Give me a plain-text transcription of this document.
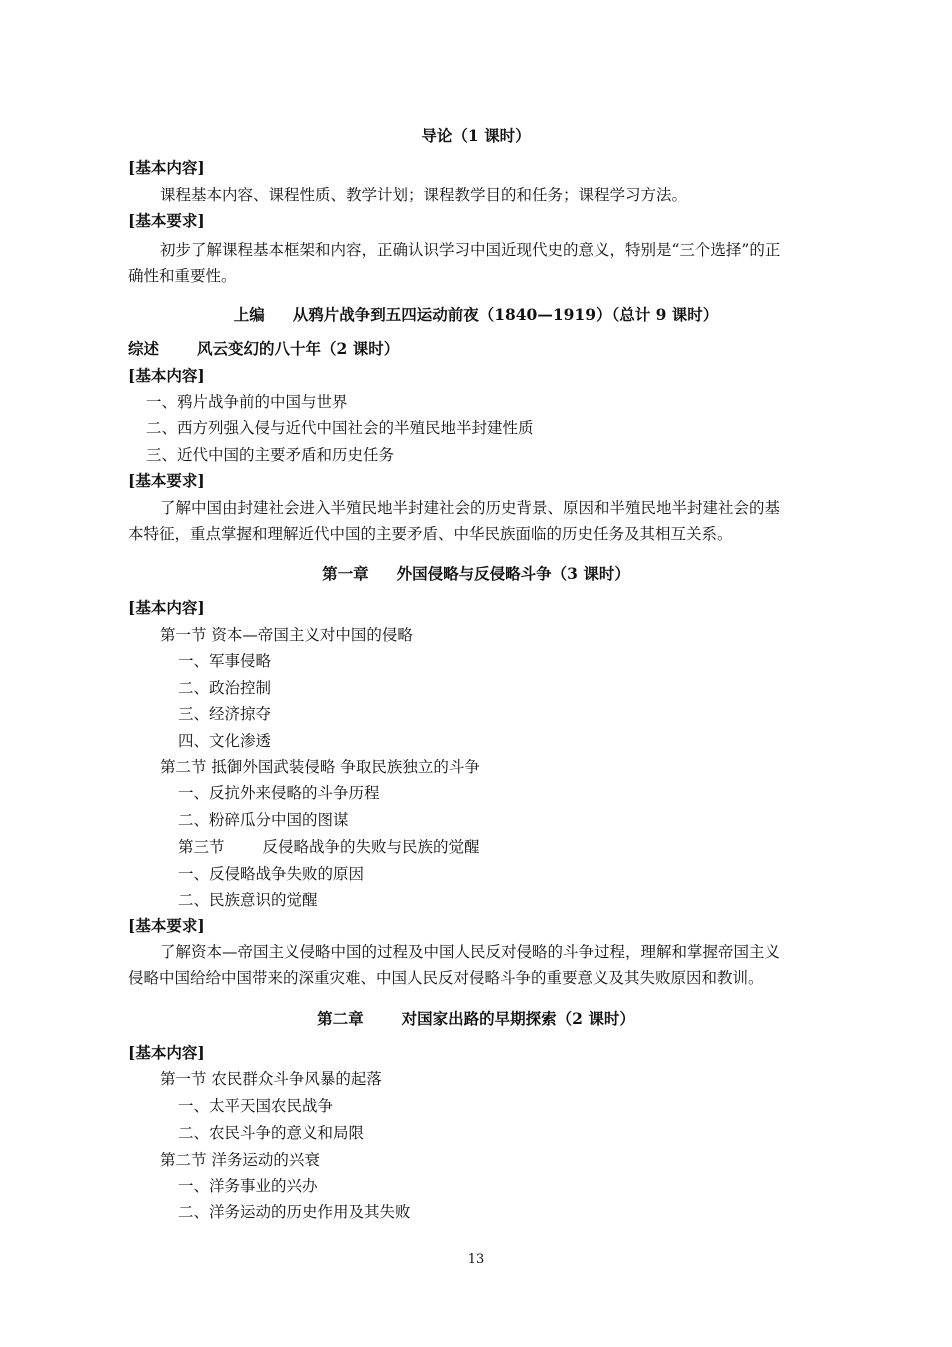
导论（1 课时）
[基本内容]
课程基本内容、课程性质、教学计划；课程教学目的和任务；课程学习方法。
[基本要求]
初步了解课程基本框架和内容，正确认识学习中国近现代史的意义，特别是“三个选择”的正
确性和重要性。
上编 从鸦片战争到五四运动前夜（1840—1919）（总计 9 课时）
综述 风云变幻的八十年（2 课时）
[基本内容]
一、鸦片战争前的中国与世界
二、西方列强入侵与近代中国社会的半殖民地半封建性质
三、近代中国的主要矛盾和历史任务
[基本要求]
了解中国由封建社会进入半殖民地半封建社会的历史背景、原因和半殖民地半封建社会的基
本特征，重点掌握和理解近代中国的主要矛盾、中华民族面临的历史任务及其相互关系。
第一章 外国侵略与反侵略斗争（3 课时）
[基本内容]
第一节 资本—帝国主义对中国的侵略
一、军事侵略
二、政治控制
三、经济掠夺
四、文化渗透
第二节 抵御外国武装侵略 争取民族独立的斗争
一、反抗外来侵略的斗争历程
二、粉碎瓜分中国的图谋
第三节 反侵略战争的失败与民族的觉醒
一、反侵略战争失败的原因
二、民族意识的觉醒
[基本要求]
了解资本—帝国主义侵略中国的过程及中国人民反对侵略的斗争过程，理解和掌握帝国主义
侵略中国给给中国带来的深重灾难、中国人民反对侵略斗争的重要意义及其失败原因和教训。
第二章 对国家出路的早期探索（2 课时）
[基本内容]
第一节 农民群众斗争风暴的起落
一、太平天国农民战争
二、农民斗争的意义和局限
第二节 洋务运动的兴衰
一、洋务事业的兴办
二、洋务运动的历史作用及其失败
13
